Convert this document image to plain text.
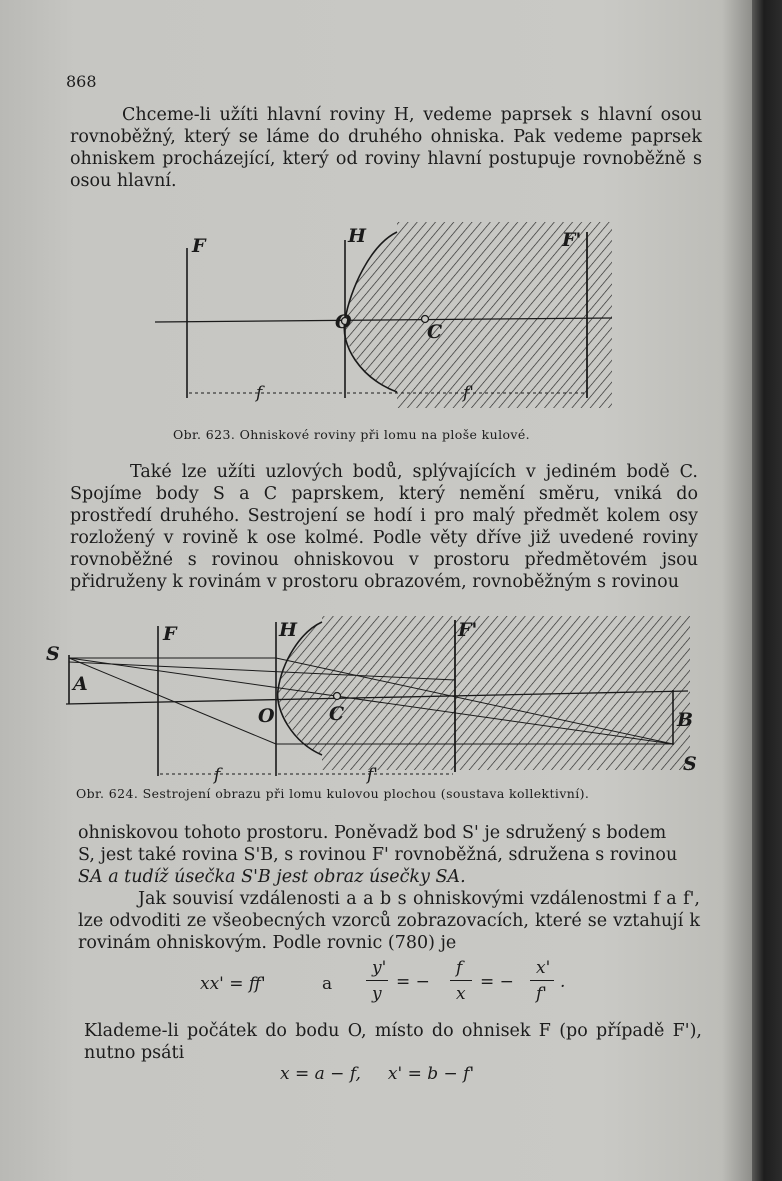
868

Chceme-li užíti hlavní roviny H, vedeme paprsek s hlavní osou rovnoběžný, který se láme do druhého ohniska. Pak vedeme paprsek ohniskem procházející, který od roviny hlavní postupuje rovnoběžně s osou hlavní.

F	H	F'
O	C
f	f'
Obr. 623. Ohniskové roviny při lomu na ploše kulové.

Také lze užíti uzlových bodů, splývajících v jediném bodě C. Spojíme body S a C paprskem, který nemění směru, vniká do prostředí druhého. Sestrojení se hodí i pro malý předmět kolem osy rozložený v rovině k ose kolmé. Podle věty dříve již uvedené roviny rovnoběžné s rovinou ohniskovou v prostoru předmětovém jsou přidruženy k rovinám v prostoru obrazovém, rovnoběžným s rovinou

S
A
F	H	F'
O	C	B
S
f	f'
Obr. 624. Sestrojení obrazu při lomu kulovou plochou (soustava kollektivní).

ohniskovou tohoto prostoru. Poněvadž bod S' je sdružený s bodem

S, jest také rovina S'B, s rovinou F' rovnoběžná, sdružena s rovinou

SA a tudíž úsečka S'B jest obraz úsečky SA.

Jak souvisí vzdálenosti a a b s ohniskovými vzdálenostmi f a f', lze odvoditi ze všeobecných vzorců zobrazovacích, které se vztahují k rovinám ohniskovým. Podle rovnic (780) je

xx' = ff'	a
y'
y
= −
f
x
= −
x'
f'
.

Klademe-li počátek do bodu O, místo do ohnisek F (po případě F'), nutno psáti

x = a − f,     x' = b − f'
